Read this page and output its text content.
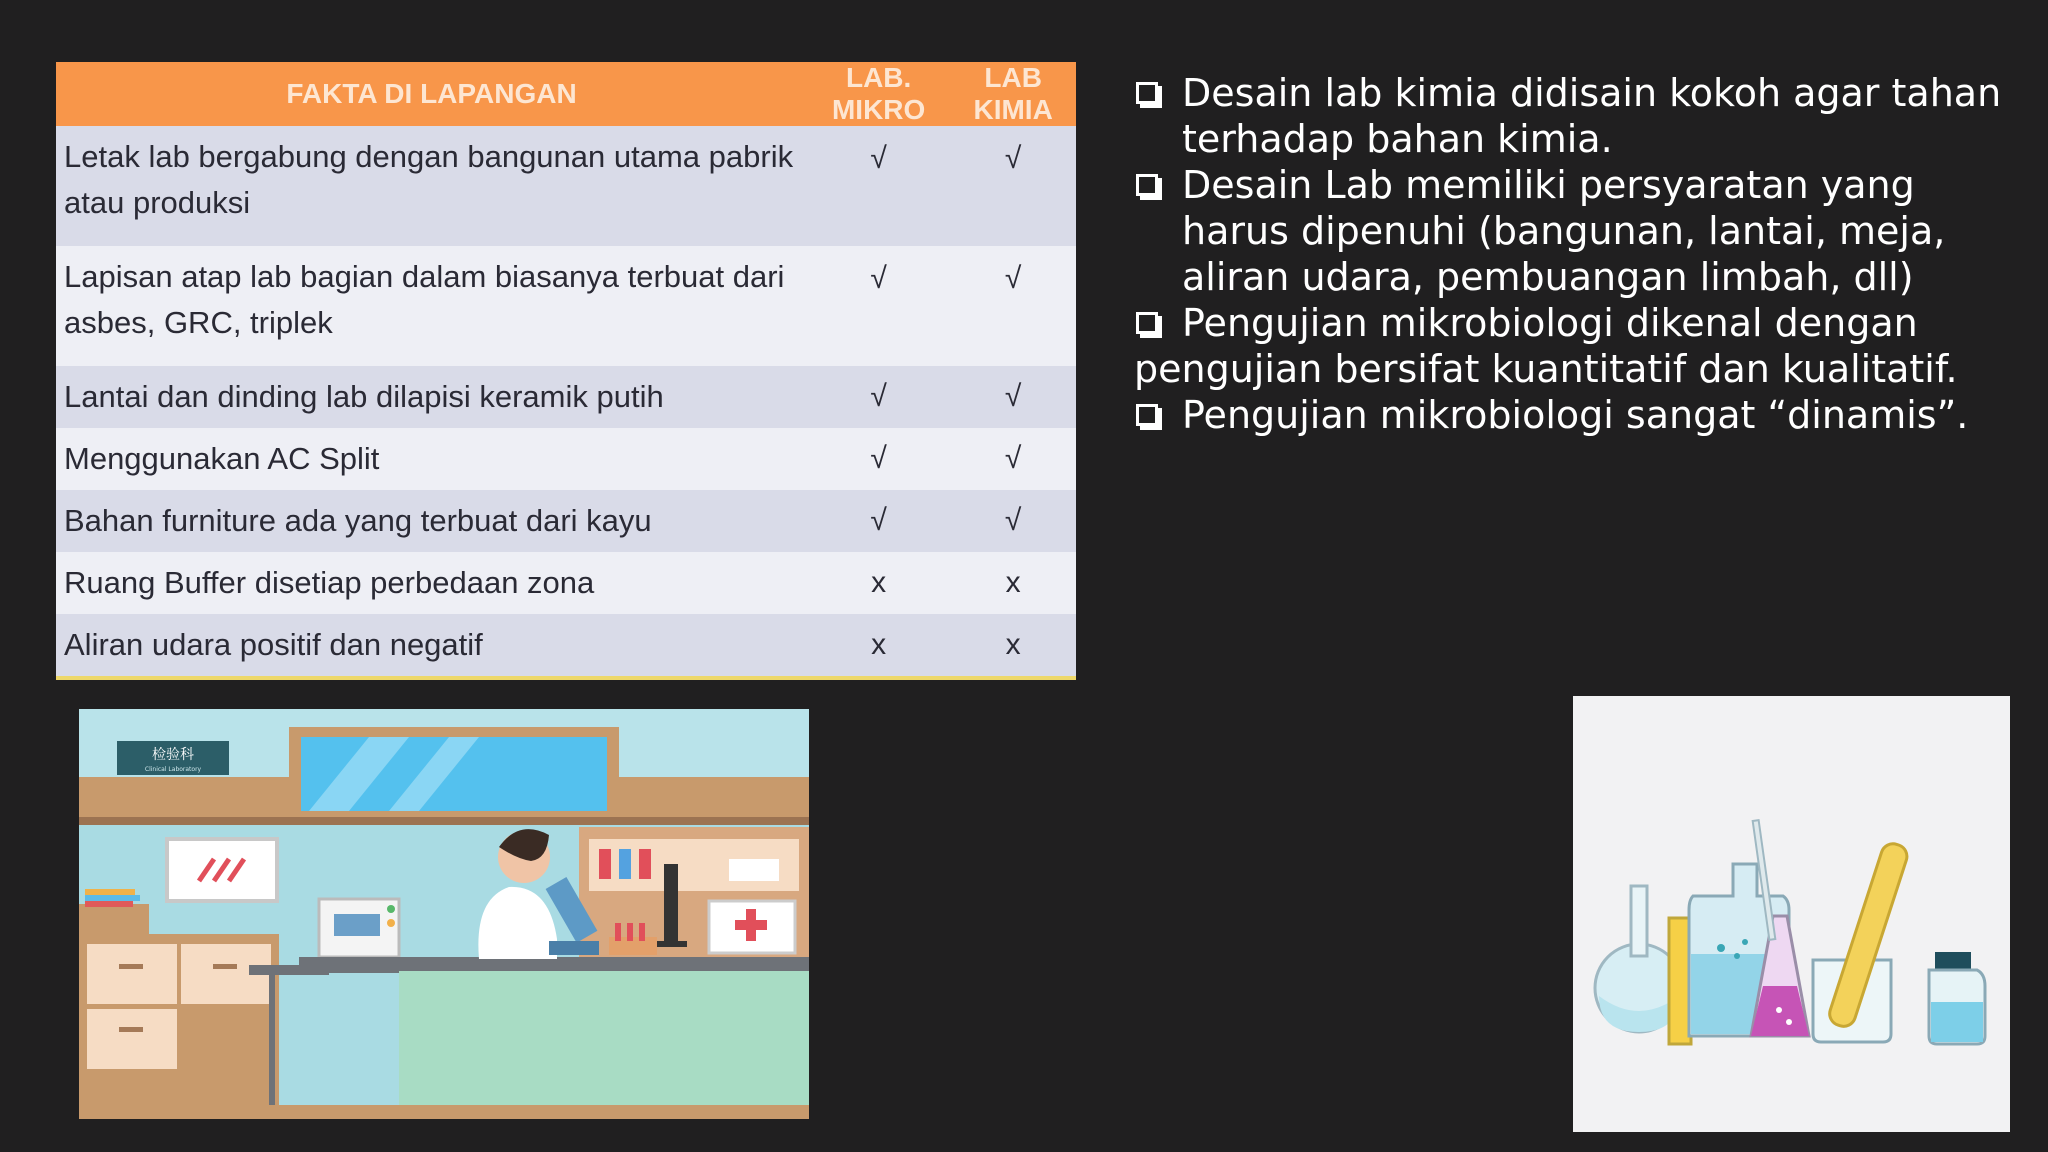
FAKTA DI LAPANGAN	LAB. MIKRO	LAB KIMIA
Letak lab bergabung dengan bangunan utama pabrik atau produksi	√	√
Lapisan atap lab bagian dalam biasanya terbuat dari asbes, GRC, triplek	√	√
Lantai dan dinding lab dilapisi keramik putih	√	√
Menggunakan AC Split	√	√
Bahan furniture ada yang terbuat dari kayu	√	√
Ruang Buffer disetiap perbedaan zona	x	x
Aliran udara positif dan negatif	x	x
Desain lab kimia didisain kokoh agar tahan terhadap bahan kimia.
Desain Lab memiliki persyaratan yang harus dipenuhi (bangunan, lantai, meja, aliran udara, pembuangan limbah, dll)
Pengujian mikrobiologi dikenal dengan pengujian bersifat kuantitatif dan kualitatif.
Pengujian mikrobiologi sangat “dinamis”.
检验科
Clinical Laboratory
